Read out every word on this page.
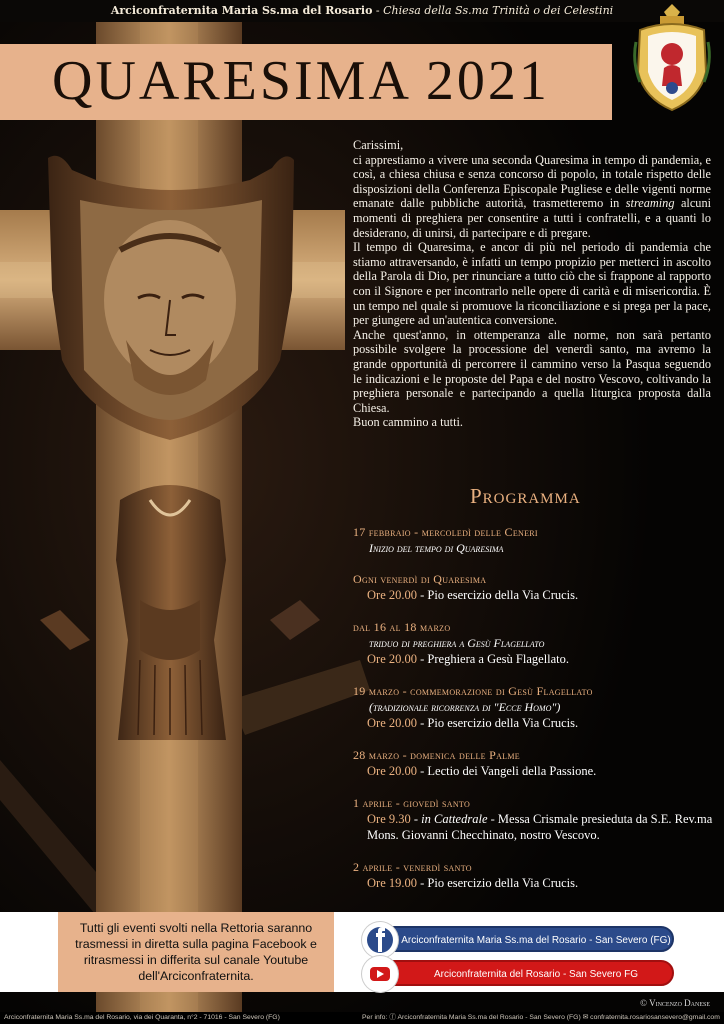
Arciconfraternita Maria Ss.ma del Rosario - Chiesa della Ss.ma Trinità o dei Celestini
QUARESIMA 2021

Carissimi,

ci apprestiamo a vivere una seconda Quaresima in tempo di pandemia, e così, a chiesa chiusa e senza concorso di popolo, in totale rispetto delle disposizioni della Conferenza Episcopale Pugliese e delle vigenti norme emanate dalle pubbliche autorità, trasmetteremo in streaming alcuni momenti di preghiera per consentire a tutti i confratelli, e a quanti lo desiderano, di unirsi, di partecipare e di pregare.

Il tempo di Quaresima, e ancor di più nel periodo di pandemia che stiamo attraversando, è infatti un tempo propizio per metterci in ascolto della Parola di Dio, per rinunciare a tutto ciò che si frappone al rapporto con il Signore e per incontrarlo nelle opere di carità e di misericordia. È un tempo nel quale si promuove la riconciliazione e si prega per la pace, per giungere ad un'autentica conversione.

Anche quest'anno, in ottemperanza alle norme, non sarà pertanto possibile svolgere la processione del venerdì santo, ma avremo la grande opportunità di percorrere il cammino verso la Pasqua seguendo le indicazioni e le proposte del Papa e del nostro Vescovo, coltivando la preghiera personale e partecipando a quella liturgica proposta dalla Chiesa.

Buon cammino a tutti.

Programma
17 febbraio - mercoledì delle Ceneri
Inizio del tempo di Quaresima
Ogni venerdì di Quaresima
Ore 20.00 - Pio esercizio della Via Crucis.
dal 16 al 18 marzo
triduo di preghiera a Gesù Flagellato
Ore 20.00 - Preghiera a Gesù Flagellato.
19 marzo - commemorazione di Gesù Flagellato
(tradizionale ricorrenza di "Ecce Homo")
Ore 20.00 - Pio esercizio della Via Crucis.
28 marzo - domenica delle Palme
Ore 20.00 - Lectio dei Vangeli della Passione.
1 aprile - giovedì santo
Ore 9.30 - in Cattedrale - Messa Crismale presieduta da S.E. Rev.ma Mons. Giovanni Checchinato, nostro Vescovo.
2 aprile - venerdì santo
Ore 19.00 - Pio esercizio della Via Crucis.
Tutti gli eventi svolti nella Rettoria saranno trasmessi in diretta sulla pagina Facebook e ritrasmessi in differita sul canale Youtube dell'Arciconfraternita.
Arciconfraternita Maria Ss.ma del Rosario - San Severo (FG)
Arciconfraternita del Rosario - San Severo FG
© Vincenzo Danese
Arciconfraternita Maria Ss.ma del Rosario, via dei Quaranta, n°2 - 71016 - San Severo (FG)	Per info: ⓕ Arciconfraternita Maria Ss.ma del Rosario - San Severo (FG) ✉ confraternita.rosariosansevero@gmail.com
